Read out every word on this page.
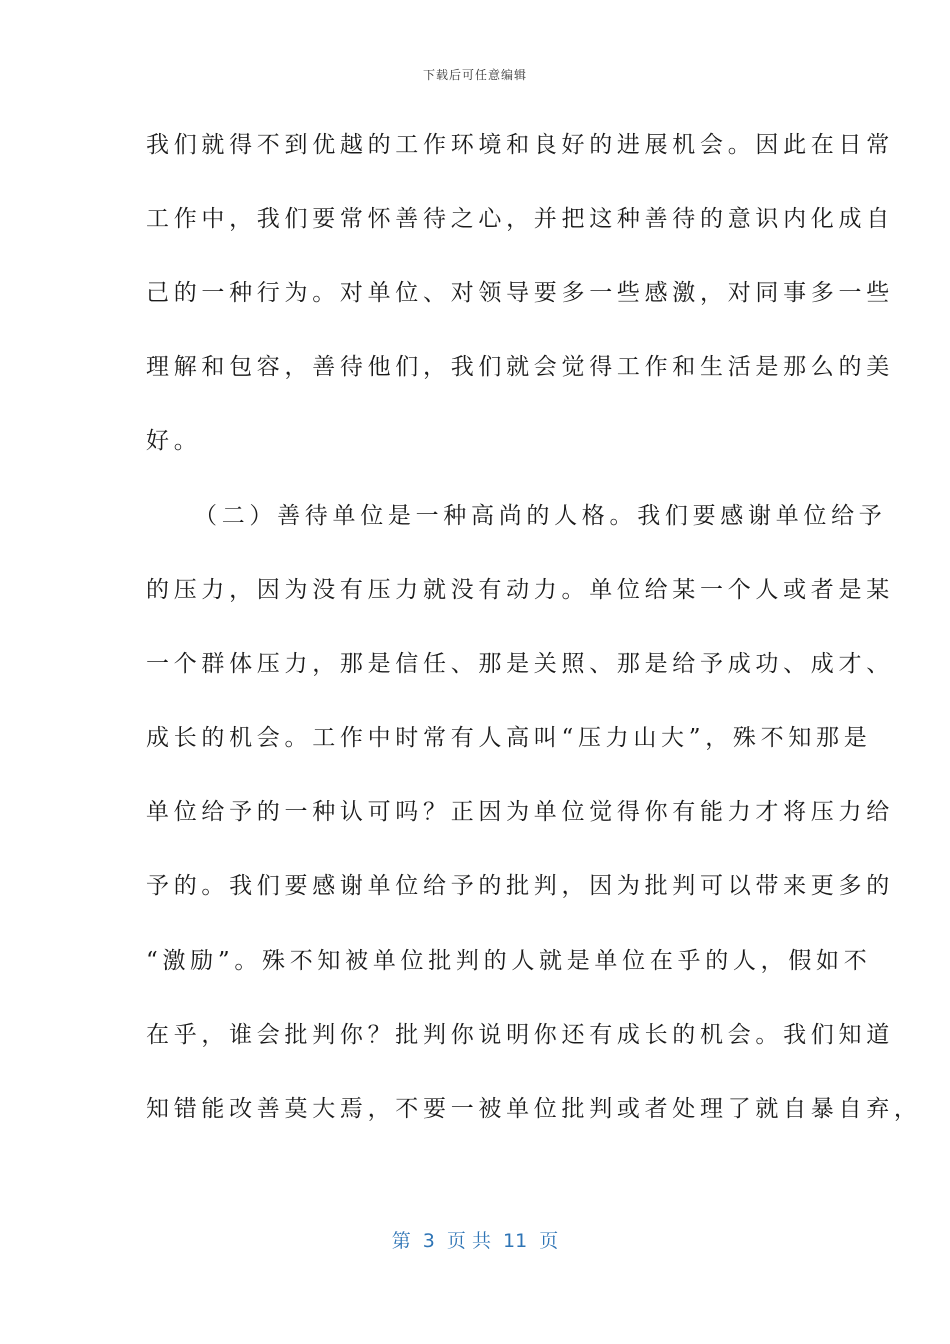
下载后可任意编辑
我们就得不到优越的工作环境和良好的进展机会。因此在日常
工作中，我们要常怀善待之心，并把这种善待的意识内化成自
己的一种行为。对单位、对领导要多一些感激，对同事多一些
理解和包容，善待他们，我们就会觉得工作和生活是那么的美
好。
（二）善待单位是一种高尚的人格。我们要感谢单位给予
的压力，因为没有压力就没有动力。单位给某一个人或者是某
一个群体压力，那是信任、那是关照、那是给予成功、成才、
成长的机会。工作中时常有人高叫“压力山大”，殊不知那是
单位给予的一种认可吗？正因为单位觉得你有能力才将压力给
予的。我们要感谢单位给予的批判，因为批判可以带来更多的
“激励”。殊不知被单位批判的人就是单位在乎的人，假如不
在乎，谁会批判你？批判你说明你还有成长的机会。我们知道
知错能改善莫大焉，不要一被单位批判或者处理了就自暴自弃，
第  3  页 共  11  页
